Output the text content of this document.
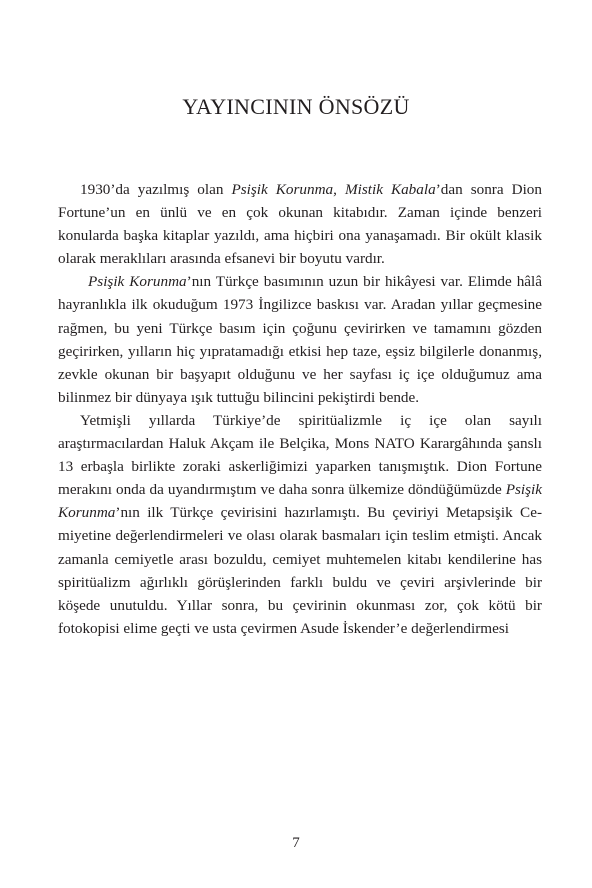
YAYINCININ ÖNSÖZÜ

1930’da yazılmış olan Psişik Korunma, Mistik Kabala’dan sonra Dion Fortune’un en ünlü ve en çok okunan kitabıdır. Zaman içinde benzeri konularda başka kitaplar yazıldı, ama hiçbiri ona yanaşamadı. Bir okült klasik olarak meraklıları arasında efsanevi bir boyutu vardır.

Psişik Korunma’nın Türkçe basımının uzun bir hikâyesi var. Elimde hâlâ hayranlıkla ilk okuduğum 1973 İngilizce baskısı var. Aradan yıllar geçmesine rağmen, bu yeni Türkçe basım için çoğunu çevirirken ve tamamını gözden geçirirken, yılların hiç yıpratamadığı etkisi hep taze, eşsiz bilgilerle donanmış, zevkle okunan bir başyapıt olduğunu ve her sayfası iç içe olduğumuz ama bilinmez bir dünyaya ışık tuttuğu bilincini pekiştirdi bende.

Yetmişli yıllarda Türkiye’de spiritüalizmle iç içe olan sayılı araştırmacılardan Haluk Akçam ile Belçika, Mons NATO Karargâhında şanslı 13 erbaşla birlikte zoraki askerliğimizi yaparken tanışmıştık. Dion Fortune merakını onda da uyandırmıştım ve daha sonra ülkemize döndüğümüzde Psişik Korunma’nın ilk Türkçe çevirisini hazırlamıştı. Bu çeviriyi Metapsişik Cemiyetine değerlendirmeleri ve olası olarak basmaları için teslim etmişti. Ancak zamanla cemiyetle arası bozuldu, cemiyet muhtemelen kitabı kendilerine has spiritüalizm ağırlıklı görüşlerinden farklı buldu ve çeviri arşivlerinde bir köşede unutuldu. Yıllar sonra, bu çevirinin okunması zor, çok kötü bir fotokopisi elime geçti ve usta çevirmen Asude İskender’e değerlendirmesi

7
